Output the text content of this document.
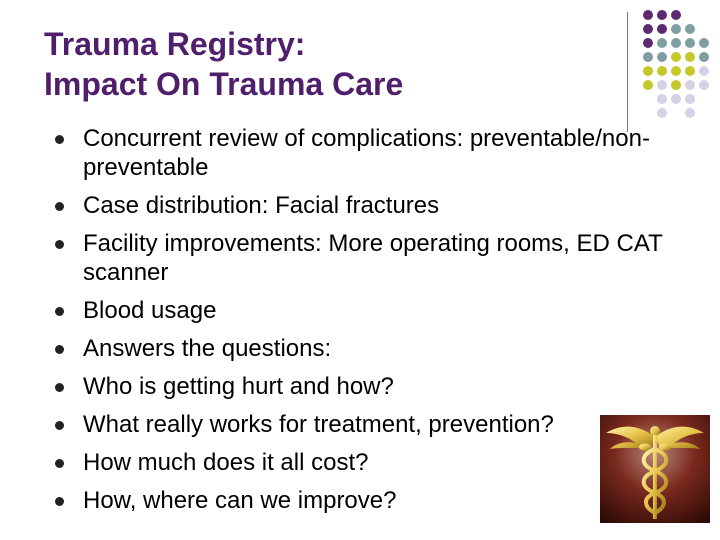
Trauma Registry:
Impact On Trauma Care
Concurrent review of complications: preventable/non-preventable
Case distribution: Facial fractures
Facility improvements: More operating rooms, ED CAT scanner
Blood usage
Answers the questions:
Who is getting hurt and how?
What really works for treatment, prevention?
How much does it all cost?
How, where can we improve?
